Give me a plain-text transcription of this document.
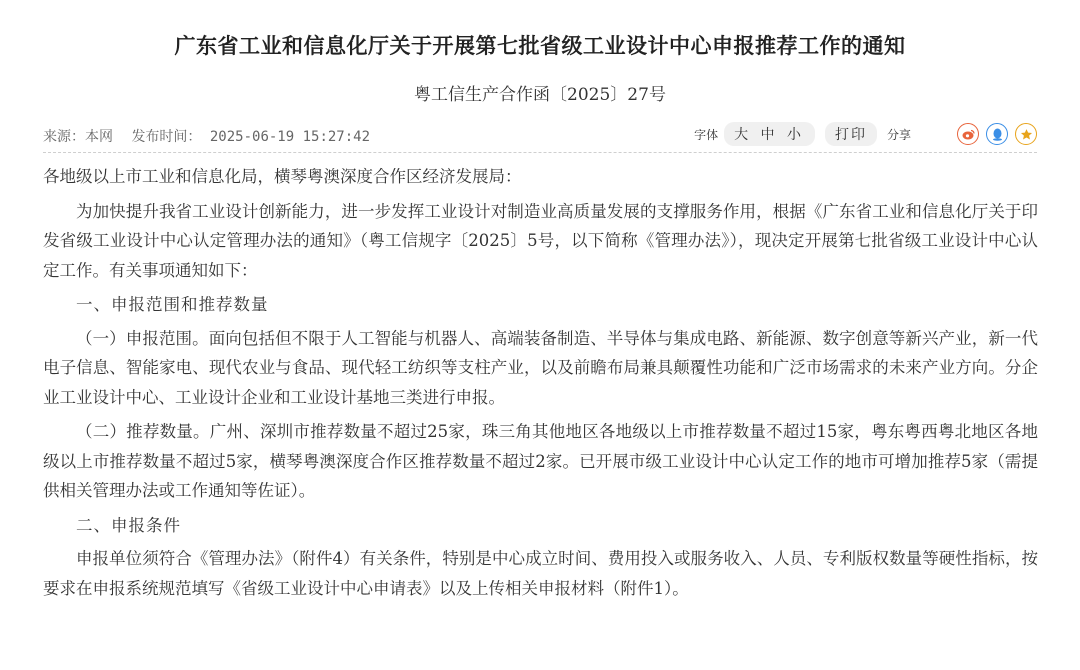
广东省工业和信息化厅关于开展第七批省级工业设计中心申报推荐工作的通知
粤工信生产合作函〔2025〕27号
来源：本网 发布时间： 2025-06-19 15:27:42	字体	大 中 小	打印	分享

各地级以上市工业和信息化局，横琴粤澳深度合作区经济发展局：

为加快提升我省工业设计创新能力，进一步发挥工业设计对制造业高质量发展的支撑服务作用，根据《广东省工业和信息化厅关于印发省级工业设计中心认定管理办法的通知》（粤工信规字〔2025〕5号，以下简称《管理办法》），现决定开展第七批省级工业设计中心认定工作。有关事项通知如下：

一、申报范围和推荐数量

（一）申报范围。面向包括但不限于人工智能与机器人、高端装备制造、半导体与集成电路、新能源、数字创意等新兴产业，新一代电子信息、智能家电、现代农业与食品、现代轻工纺织等支柱产业，以及前瞻布局兼具颠覆性功能和广泛市场需求的未来产业方向。分企业工业设计中心、工业设计企业和工业设计基地三类进行申报。

（二）推荐数量。广州、深圳市推荐数量不超过25家，珠三角其他地区各地级以上市推荐数量不超过15家，粤东粤西粤北地区各地级以上市推荐数量不超过5家，横琴粤澳深度合作区推荐数量不超过2家。已开展市级工业设计中心认定工作的地市可增加推荐5家（需提供相关管理办法或工作通知等佐证）。

二、申报条件

申报单位须符合《管理办法》（附件4）有关条件，特别是中心成立时间、费用投入或服务收入、人员、专利版权数量等硬性指标，按要求在申报系统规范填写《省级工业设计中心申请表》以及上传相关申报材料（附件1）。
